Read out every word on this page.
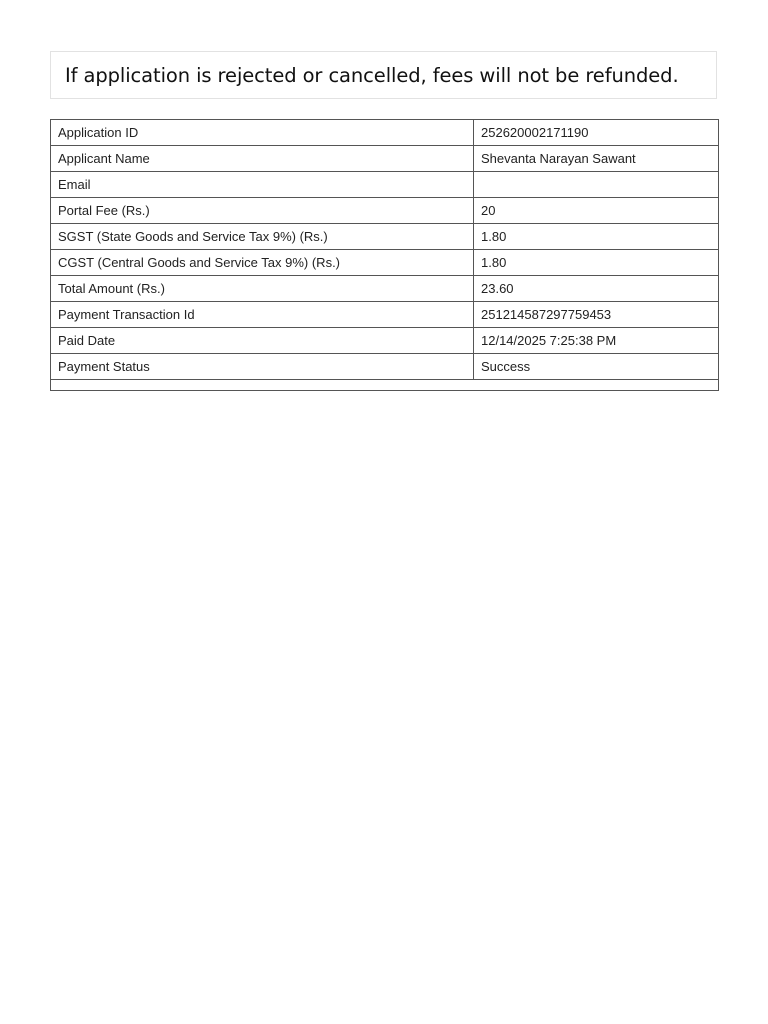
If application is rejected or cancelled, fees will not be refunded.
Application ID	252620002171190
Applicant Name	Shevanta Narayan Sawant
Email	
Portal Fee (Rs.)	20
SGST (State Goods and Service Tax 9%) (Rs.)	1.80
CGST (Central Goods and Service Tax 9%) (Rs.)	1.80
Total Amount (Rs.)	23.60
Payment Transaction Id	251214587297759453
Paid Date	12/14/2025 7:25:38 PM
Payment Status	Success
